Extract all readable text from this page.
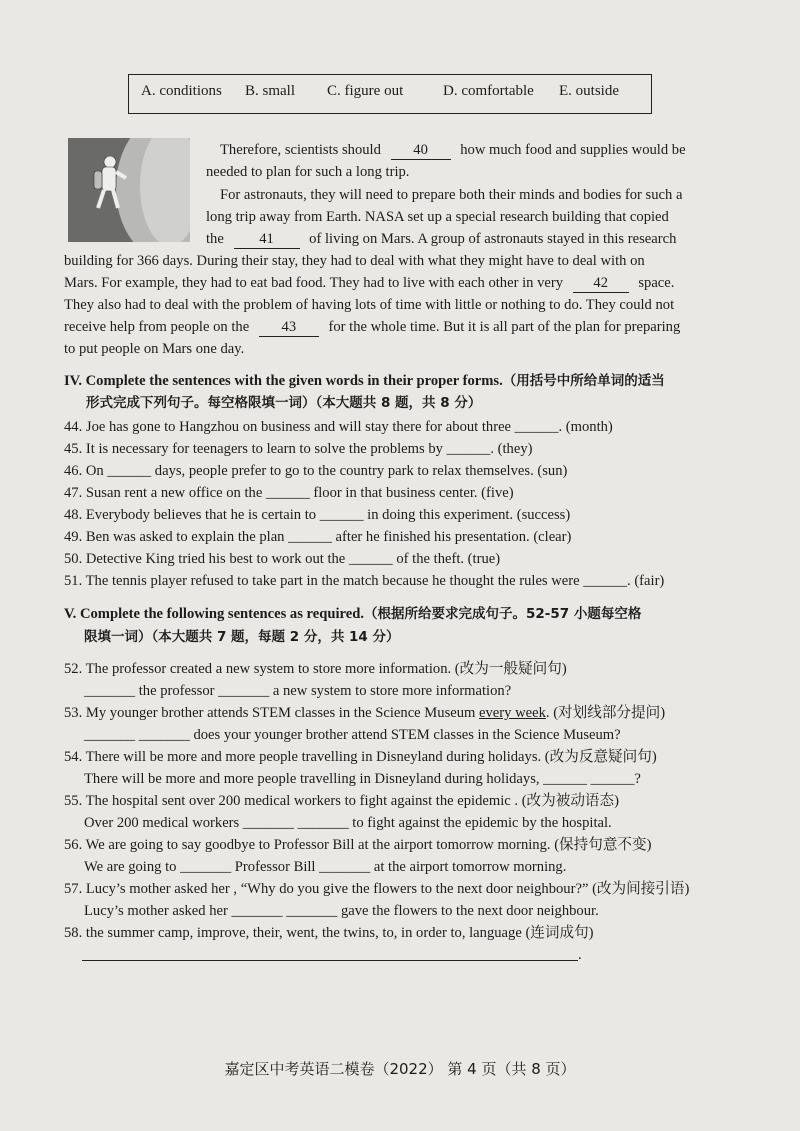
A. conditions B. small C. figure out	D. comfortable E. outside
Therefore, scientists should 40 how much food and supplies would be
needed to plan for such a long trip.
For astronauts, they will need to prepare both their minds and bodies for such a
long trip away from Earth. NASA set up a special research building that copied
the 41 of living on Mars. A group of astronauts stayed in this research
building for 366 days. During their stay, they had to deal with what they might have to deal with on
Mars. For example, they had to eat bad food. They had to live with each other in very 42 space.
They also had to deal with the problem of having lots of time with little or nothing to do. They could not
receive help from people on the 43 for the whole time. But it is all part of the plan for preparing
to put people on Mars one day.
IV. Complete the sentences with the given words in their proper forms.（用括号中所给单词的适当
形式完成下列句子。每空格限填一词）（本大题共 8 题，共 8 分）
44. Joe has gone to Hangzhou on business and will stay there for about three ______. (month)
45. It is necessary for teenagers to learn to solve the problems by ______. (they)
46. On ______ days, people prefer to go to the country park to relax themselves. (sun)
47. Susan rent a new office on the ______ floor in that business center. (five)
48. Everybody believes that he is certain to ______ in doing this experiment. (success)
49. Ben was asked to explain the plan ______ after he finished his presentation. (clear)
50. Detective King tried his best to work out the ______ of the theft. (true)
51. The tennis player refused to take part in the match because he thought the rules were ______. (fair)
V. Complete the following sentences as required.（根据所给要求完成句子。52-57 小题每空格
限填一词）（本大题共 7 题，每题 2 分，共 14 分）
52. The professor created a new system to store more information. (改为一般疑问句)
_______ the professor _______ a new system to store more information?
53. My younger brother attends STEM classes in the Science Museum every week. (对划线部分提问)
_______ _______ does your younger brother attend STEM classes in the Science Museum?
54. There will be more and more people travelling in Disneyland during holidays. (改为反意疑问句)
There will be more and more people travelling in Disneyland during holidays, ______ ______?
55. The hospital sent over 200 medical workers to fight against the epidemic . (改为被动语态)
Over 200 medical workers _______ _______ to fight against the epidemic by the hospital.
56. We are going to say goodbye to Professor Bill at the airport tomorrow morning. (保持句意不变)
We are going to _______ Professor Bill _______ at the airport tomorrow morning.
57. Lucy’s mother asked her , “Why do you give the flowers to the next door neighbour?” (改为间接引语)
Lucy’s mother asked her _______ _______ gave the flowers to the next door neighbour.
58. the summer camp, improve, their, went, the twins, to, in order to, language (连词成句)
.
嘉定区中考英语二模卷（2022） 第 4 页（共 8 页）
